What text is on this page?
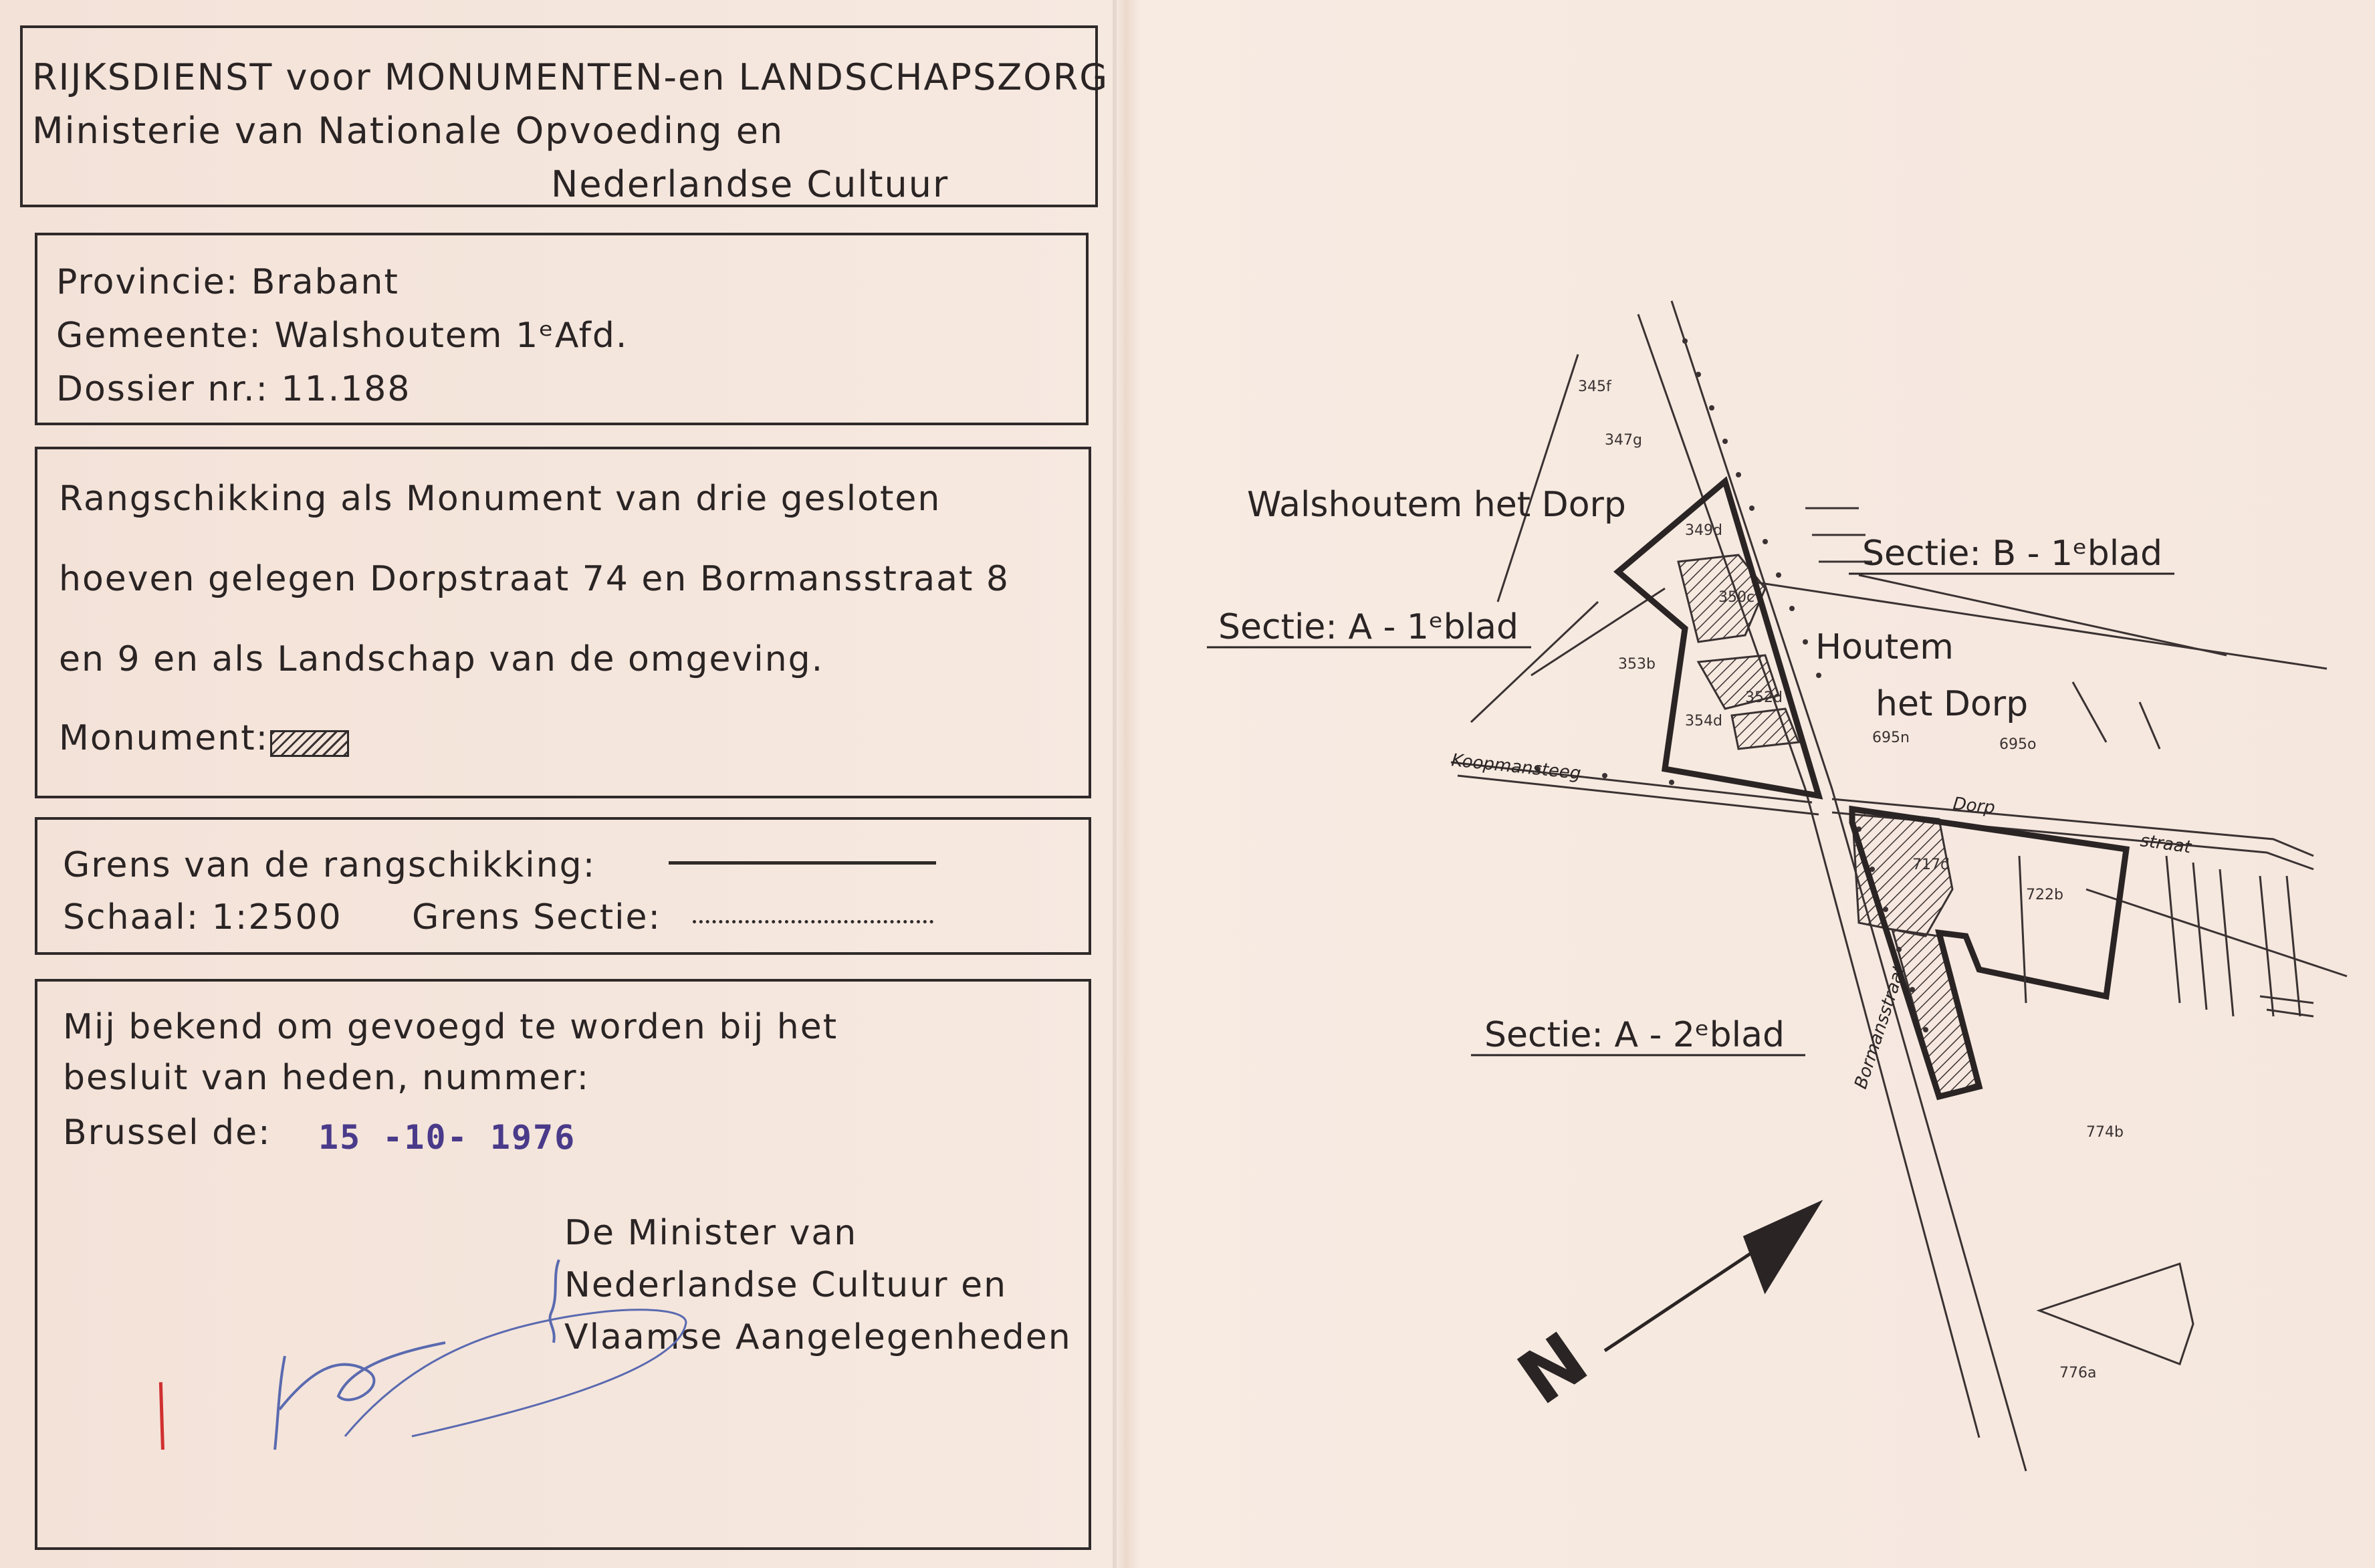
RIJKSDIENST voor MONUMENTEN-en LANDSCHAPSZORG
Ministerie van Nationale Opvoeding en
Nederlandse Cultuur
Provincie: Brabant
Gemeente: Walshoutem 1ᵉAfd.
Dossier nr.: 11.188
Rangschikking als Monument van drie gesloten
hoeven gelegen Dorpstraat 74 en Bormansstraat 8
en 9 en als Landschap van de omgeving.
Monument:
Grens van de rangschikking:
Schaal: 1:2500 Grens Sectie:
Mij bekend om gevoegd te worden bij het
besluit van heden, nummer:
Brussel de: 15 -10- 1976
De Minister van
Nederlandse Cultuur en
Vlaamse Aangelegenheden	N
345f
347g
349d
350c
353b
352d
354d
695n	695o
717d
722b
774b
776a
Koopmansteeg
Dorp
straat
Bormansstraat
Walshoutem het Dorp
Houtem
het Dorp
Sectie: A - 1ᵉblad
Sectie: B - 1ᵉblad
Sectie: A - 2ᵉblad
